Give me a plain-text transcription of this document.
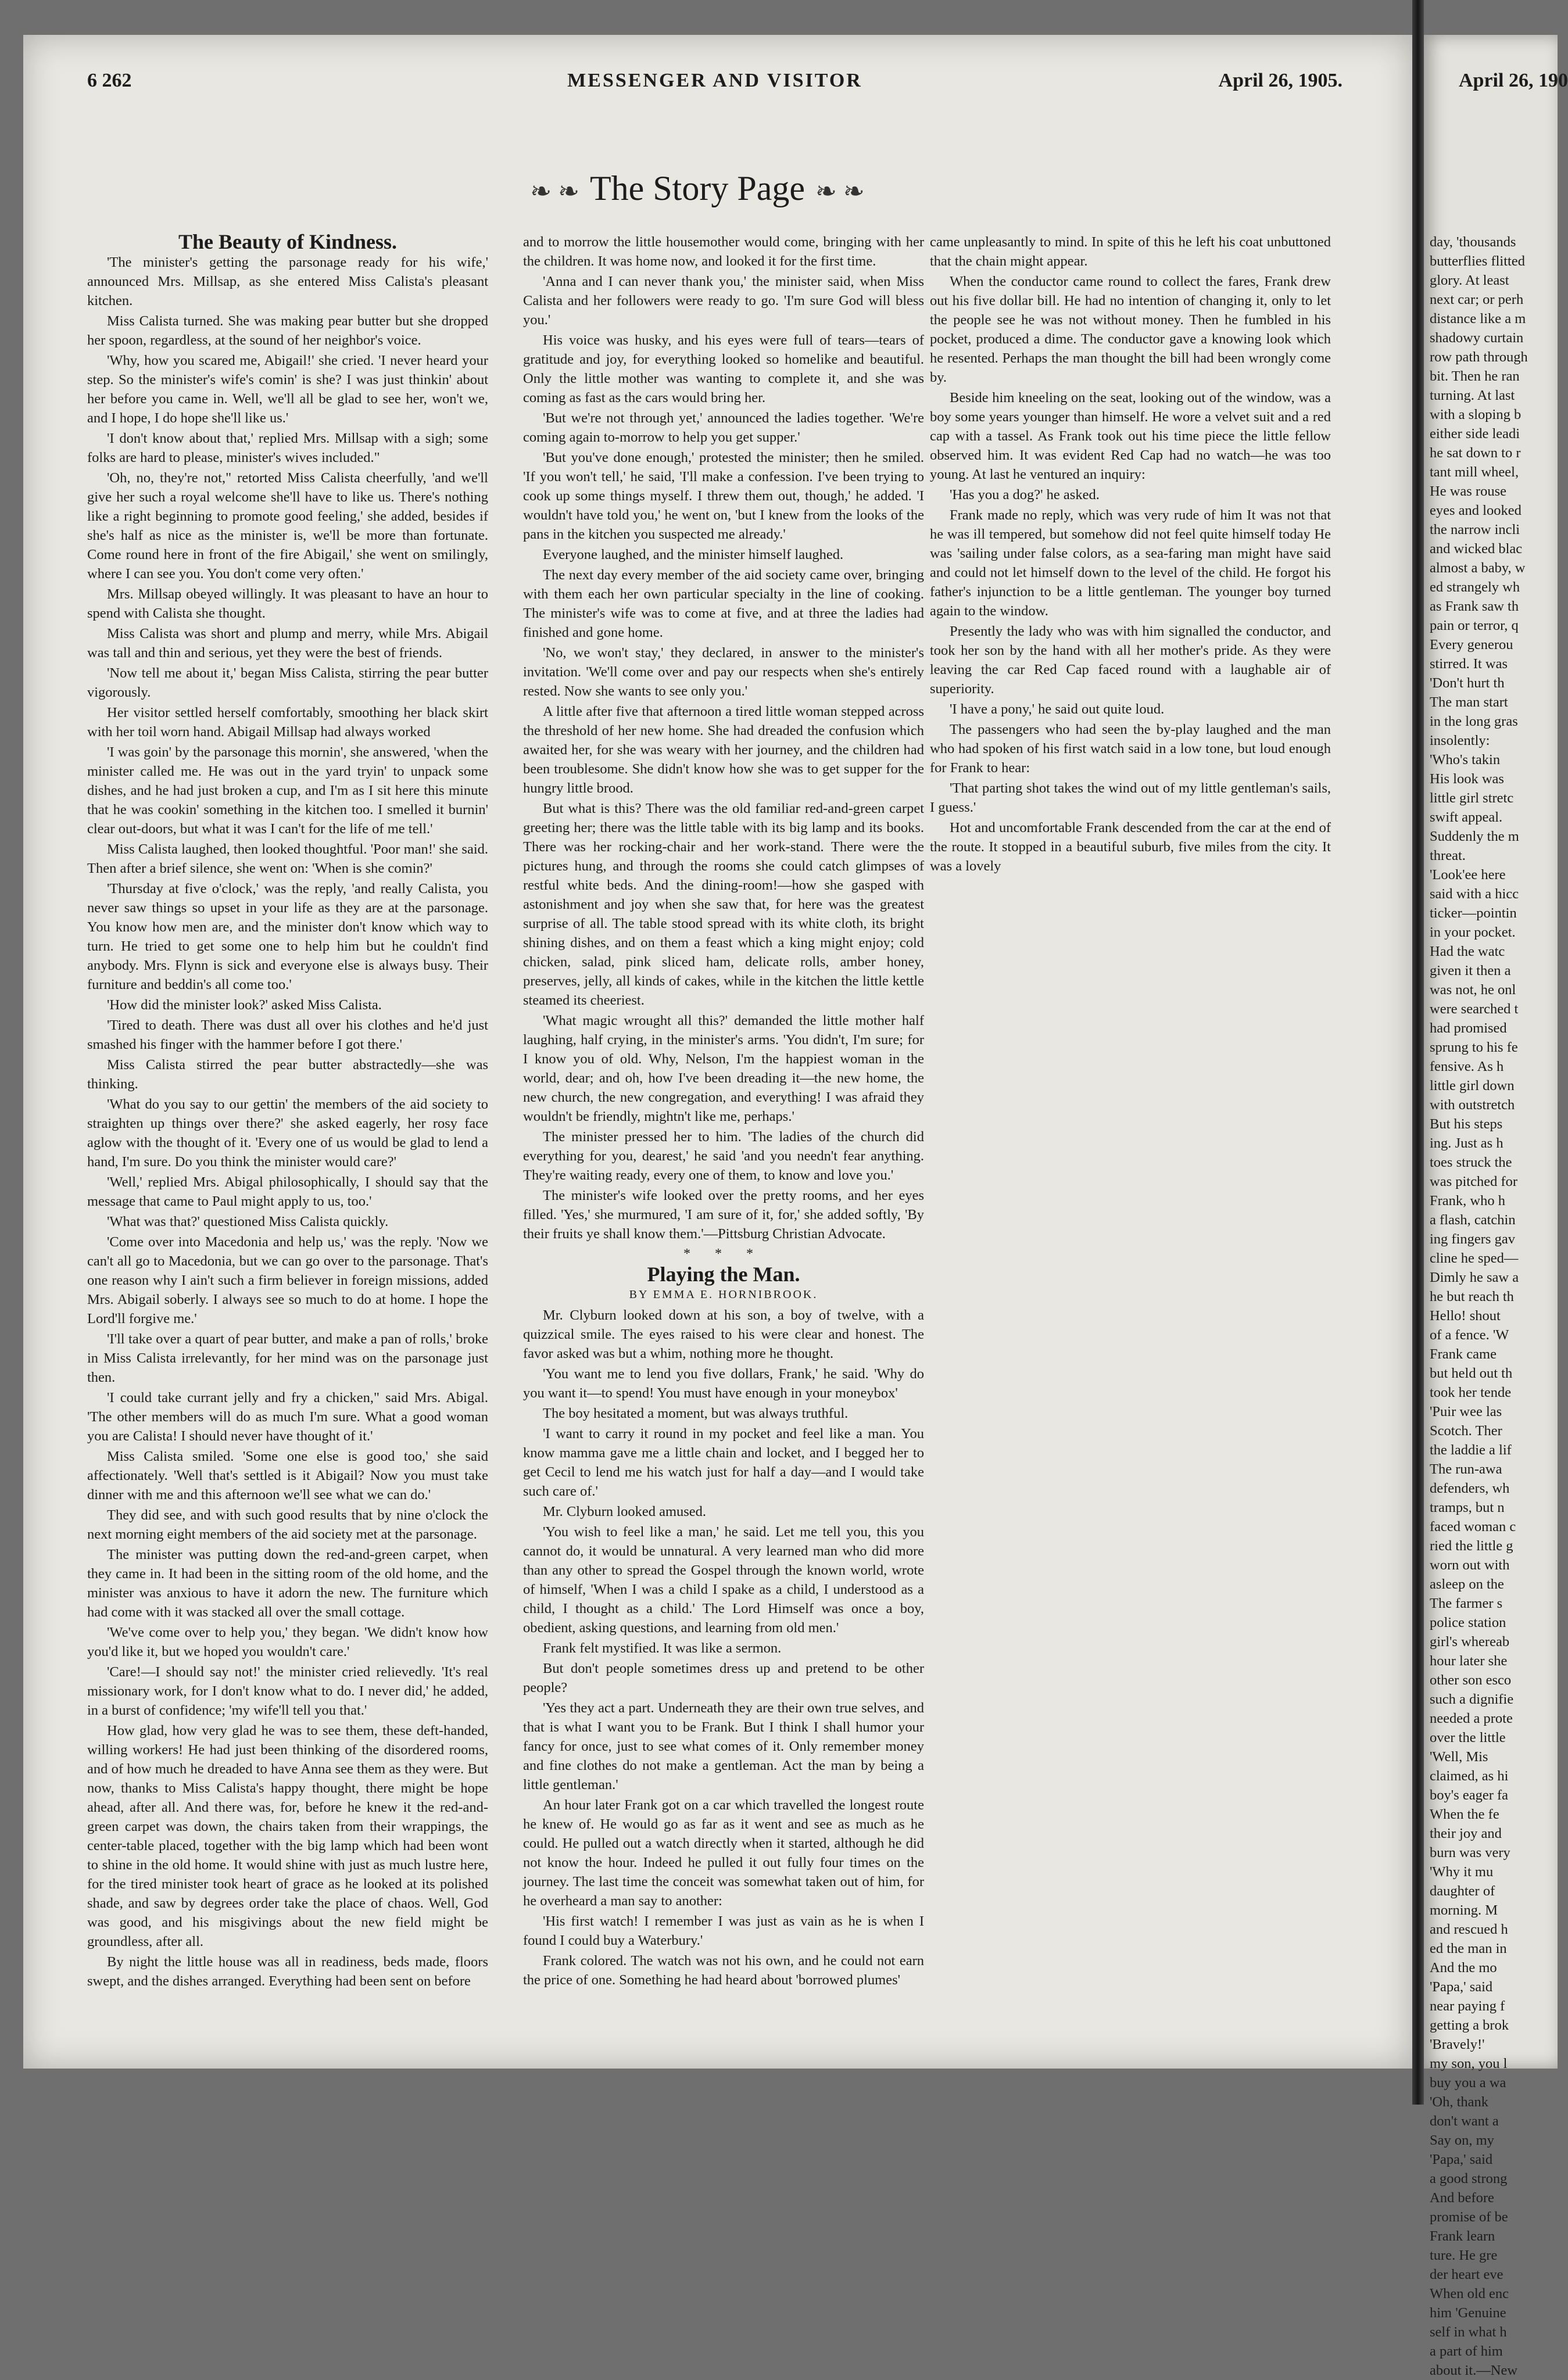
6 262	MESSENGER AND VISITOR	April 26, 1905.
❧ ❧ The Story Page ❧ ❧

The Beauty of Kindness.

'The minister's getting the parsonage ready for his wife,' announced Mrs. Millsap, as she entered Miss Calista's pleasant kitchen.

Miss Calista turned. She was making pear butter but she dropped her spoon, regardless, at the sound of her neighbor's voice.

'Why, how you scared me, Abigail!' she cried. 'I never heard your step. So the minister's wife's comin' is she? I was just thinkin' about her before you came in. Well, we'll all be glad to see her, won't we, and I hope, I do hope she'll like us.'

'I don't know about that,' replied Mrs. Millsap with a sigh; some folks are hard to please, minister's wives included."

'Oh, no, they're not," retorted Miss Calista cheerfully, 'and we'll give her such a royal welcome she'll have to like us. There's nothing like a right beginning to promote good feeling,' she added, besides if she's half as nice as the minister is, we'll be more than fortunate. Come round here in front of the fire Abigail,' she went on smilingly, where I can see you. You don't come very often.'

Mrs. Millsap obeyed willingly. It was pleasant to have an hour to spend with Calista she thought.

Miss Calista was short and plump and merry, while Mrs. Abigail was tall and thin and serious, yet they were the best of friends.

'Now tell me about it,' began Miss Calista, stirring the pear butter vigorously.

Her visitor settled herself comfortably, smoothing her black skirt with her toil worn hand. Abigail Millsap had always worked

'I was goin' by the parsonage this mornin', she answered, 'when the minister called me. He was out in the yard tryin' to unpack some dishes, and he had just broken a cup, and I'm as I sit here this minute that he was cookin' something in the kitchen too. I smelled it burnin' clear out-doors, but what it was I can't for the life of me tell.'

Miss Calista laughed, then looked thoughtful. 'Poor man!' she said. Then after a brief silence, she went on: 'When is she comin?'

'Thursday at five o'clock,' was the reply, 'and really Calista, you never saw things so upset in your life as they are at the parsonage. You know how men are, and the minister don't know which way to turn. He tried to get some one to help him but he couldn't find anybody. Mrs. Flynn is sick and everyone else is always busy. Their furniture and beddin's all come too.'

'How did the minister look?' asked Miss Calista.

'Tired to death. There was dust all over his clothes and he'd just smashed his finger with the hammer before I got there.'

Miss Calista stirred the pear butter abstractedly—she was thinking.

'What do you say to our gettin' the members of the aid society to straighten up things over there?' she asked eagerly, her rosy face aglow with the thought of it. 'Every one of us would be glad to lend a hand, I'm sure. Do you think the minister would care?'

'Well,' replied Mrs. Abigal philosophically, I should say that the message that came to Paul might apply to us, too.'

'What was that?' questioned Miss Calista quickly.

'Come over into Macedonia and help us,' was the reply. 'Now we can't all go to Macedonia, but we can go over to the parsonage. That's one reason why I ain't such a firm believer in foreign missions, added Mrs. Abigail soberly. I always see so much to do at home. I hope the Lord'll forgive me.'

'I'll take over a quart of pear butter, and make a pan of rolls,' broke in Miss Calista irrelevantly, for her mind was on the parsonage just then.

'I could take currant jelly and fry a chicken," said Mrs. Abigal. 'The other members will do as much I'm sure. What a good woman you are Calista! I should never have thought of it.'

Miss Calista smiled. 'Some one else is good too,' she said affectionately. 'Well that's settled is it Abigail? Now you must take dinner with me and this afternoon we'll see what we can do.'

They did see, and with such good results that by nine o'clock the next morning eight members of the aid society met at the parsonage.

The minister was putting down the red-and-green carpet, when they came in. It had been in the sitting room of the old home, and the minister was anxious to have it adorn the new. The furniture which had come with it was stacked all over the small cottage.

'We've come over to help you,' they began. 'We didn't know how you'd like it, but we hoped you wouldn't care.'

'Care!—I should say not!' the minister cried relievedly. 'It's real missionary work, for I don't know what to do. I never did,' he added, in a burst of confidence; 'my wife'll tell you that.'

How glad, how very glad he was to see them, these deft-handed, willing workers! He had just been thinking of the disordered rooms, and of how much he dreaded to have Anna see them as they were. But now, thanks to Miss Calista's happy thought, there might be hope ahead, after all. And there was, for, before he knew it the red-and-green carpet was down, the chairs taken from their wrappings, the center-table placed, together with the big lamp which had been wont to shine in the old home. It would shine with just as much lustre here, for the tired minister took heart of grace as he looked at its polished shade, and saw by degrees order take the place of chaos. Well, God was good, and his misgivings about the new field might be groundless, after all.

By night the little house was all in readiness, beds made, floors swept, and the dishes arranged. Everything had been sent on before

and to morrow the little housemother would come, bringing with her the children. It was home now, and looked it for the first time.

'Anna and I can never thank you,' the minister said, when Miss Calista and her followers were ready to go. 'I'm sure God will bless you.'

His voice was husky, and his eyes were full of tears—tears of gratitude and joy, for everything looked so homelike and beautiful. Only the little mother was wanting to complete it, and she was coming as fast as the cars would bring her.

'But we're not through yet,' announced the ladies together. 'We're coming again to-morrow to help you get supper.'

'But you've done enough,' protested the minister; then he smiled. 'If you won't tell,' he said, 'I'll make a confession. I've been trying to cook up some things myself. I threw them out, though,' he added. 'I wouldn't have told you,' he went on, 'but I knew from the looks of the pans in the kitchen you suspected me already.'

Everyone laughed, and the minister himself laughed.

The next day every member of the aid society came over, bringing with them each her own particular specialty in the line of cooking. The minister's wife was to come at five, and at three the ladies had finished and gone home.

'No, we won't stay,' they declared, in answer to the minister's invitation. 'We'll come over and pay our respects when she's entirely rested. Now she wants to see only you.'

A little after five that afternoon a tired little woman stepped across the threshold of her new home. She had dreaded the confusion which awaited her, for she was weary with her journey, and the children had been troublesome. She didn't know how she was to get supper for the hungry little brood.

But what is this? There was the old familiar red-and-green carpet greeting her; there was the little table with its big lamp and its books. There was her rocking-chair and her work-stand. There were the pictures hung, and through the rooms she could catch glimpses of restful white beds. And the dining-room!—how she gasped with astonishment and joy when she saw that, for here was the greatest surprise of all. The table stood spread with its white cloth, its bright shining dishes, and on them a feast which a king might enjoy; cold chicken, salad, pink sliced ham, delicate rolls, amber honey, preserves, jelly, all kinds of cakes, while in the kitchen the little kettle steamed its cheeriest.

'What magic wrought all this?' demanded the little mother half laughing, half crying, in the minister's arms. 'You didn't, I'm sure; for I know you of old. Why, Nelson, I'm the happiest woman in the world, dear; and oh, how I've been dreading it—the new home, the new church, the new congregation, and everything! I was afraid they wouldn't be friendly, mightn't like me, perhaps.'

The minister pressed her to him. 'The ladies of the church did everything for you, dearest,' he said 'and you needn't fear anything. They're waiting ready, every one of them, to know and love you.'

The minister's wife looked over the pretty rooms, and her eyes filled. 'Yes,' she murmured, 'I am sure of it, for,' she added softly, 'By their fruits ye shall know them.'—Pittsburg Christian Advocate.

* * *

Playing the Man.

BY EMMA E. HORNIBROOK.

Mr. Clyburn looked down at his son, a boy of twelve, with a quizzical smile. The eyes raised to his were clear and honest. The favor asked was but a whim, nothing more he thought.

'You want me to lend you five dollars, Frank,' he said. 'Why do you want it—to spend! You must have enough in your moneybox'

The boy hesitated a moment, but was always truthful.

'I want to carry it round in my pocket and feel like a man. You know mamma gave me a little chain and locket, and I begged her to get Cecil to lend me his watch just for half a day—and I would take such care of.'

Mr. Clyburn looked amused.

'You wish to feel like a man,' he said. Let me tell you, this you cannot do, it would be unnatural. A very learned man who did more than any other to spread the Gospel through the known world, wrote of himself, 'When I was a child I spake as a child, I understood as a child, I thought as a child.' The Lord Himself was once a boy, obedient, asking questions, and learning from old men.'

Frank felt mystified. It was like a sermon.

But don't people sometimes dress up and pretend to be other people?

'Yes they act a part. Underneath they are their own true selves, and that is what I want you to be Frank. But I think I shall humor your fancy for once, just to see what comes of it. Only remember money and fine clothes do not make a gentleman. Act the man by being a little gentleman.'

An hour later Frank got on a car which travelled the longest route he knew of. He would go as far as it went and see as much as he could. He pulled out a watch directly when it started, although he did not know the hour. Indeed he pulled it out fully four times on the journey. The last time the conceit was somewhat taken out of him, for he overheard a man say to another:

'His first watch! I remember I was just as vain as he is when I found I could buy a Waterbury.'

Frank colored. The watch was not his own, and he could not earn the price of one. Something he had heard about 'borrowed plumes'

came unpleasantly to mind. In spite of this he left his coat unbuttoned that the chain might appear.

When the conductor came round to collect the fares, Frank drew out his five dollar bill. He had no intention of changing it, only to let the people see he was not without money. Then he fumbled in his pocket, produced a dime. The conductor gave a knowing look which he resented. Perhaps the man thought the bill had been wrongly come by.

Beside him kneeling on the seat, looking out of the window, was a boy some years younger than himself. He wore a velvet suit and a red cap with a tassel. As Frank took out his time piece the little fellow observed him. It was evident Red Cap had no watch—he was too young. At last he ventured an inquiry:

'Has you a dog?' he asked.

Frank made no reply, which was very rude of him It was not that he was ill tempered, but somehow did not feel quite himself today He was 'sailing under false colors, as a sea-faring man might have said and could not let himself down to the level of the child. He forgot his father's injunction to be a little gentleman. The younger boy turned again to the window.

Presently the lady who was with him signalled the conductor, and took her son by the hand with all her mother's pride. As they were leaving the car Red Cap faced round with a laughable air of superiority.

'I have a pony,' he said out quite loud.

The passengers who had seen the by-play laughed and the man who had spoken of his first watch said in a low tone, but loud enough for Frank to hear:

'That parting shot takes the wind out of my little gentleman's sails, I guess.'

Hot and uncomfortable Frank descended from the car at the end of the route. It stopped in a beautiful suburb, five miles from the city. It was a lovely

April 26, 190
day, 'thousands
butterflies flitted
glory. At least
next car; or perh
distance like a m
shadowy curtain
row path through
bit. Then he ran
turning. At last
with a sloping b
either side leadi
he sat down to r
tant mill wheel,
He was rouse
eyes and looked
the narrow incli
and wicked blac
almost a baby, w
ed strangely wh
as Frank saw th
pain or terror, q
Every generou
stirred. It was
'Don't hurt th
The man start
in the long gras
insolently:
'Who's takin
His look was
little girl stretc
swift appeal.
Suddenly the m
threat.
'Look'ee here
said with a hicc
ticker—pointin
in your pocket.
Had the watc
given it then a
was not, he onl
were searched t
had promised
sprung to his fe
fensive. As h
little girl down
with outstretch
But his steps
ing. Just as h
toes struck the
was pitched for
Frank, who h
a flash, catchin
ing fingers gav
cline he sped—
Dimly he saw a
he but reach th
Hello! shout
of a fence. 'W
Frank came
but held out th
took her tende
'Puir wee las
Scotch. Ther
the laddie a lif
The run-awa
defenders, wh
tramps, but n
faced woman c
ried the little g
worn out with
asleep on the
The farmer s
police station
girl's whereab
hour later she
other son esco
such a dignifie
needed a prote
over the little
'Well, Mis
claimed, as hi
boy's eager fa
When the fe
their joy and
burn was very
'Why it mu
daughter of
morning. M
and rescued h
ed the man in
And the mo
'Papa,' said
near paying f
getting a brok
'Bravely!'
my son, you l
buy you a wa
'Oh, thank
don't want a
Say on, my
'Papa,' said
a good strong
And before
promise of be
Frank learn
ture. He gre
der heart eve
When old enc
him 'Genuine
self in what h
a part of him
about it.—New
